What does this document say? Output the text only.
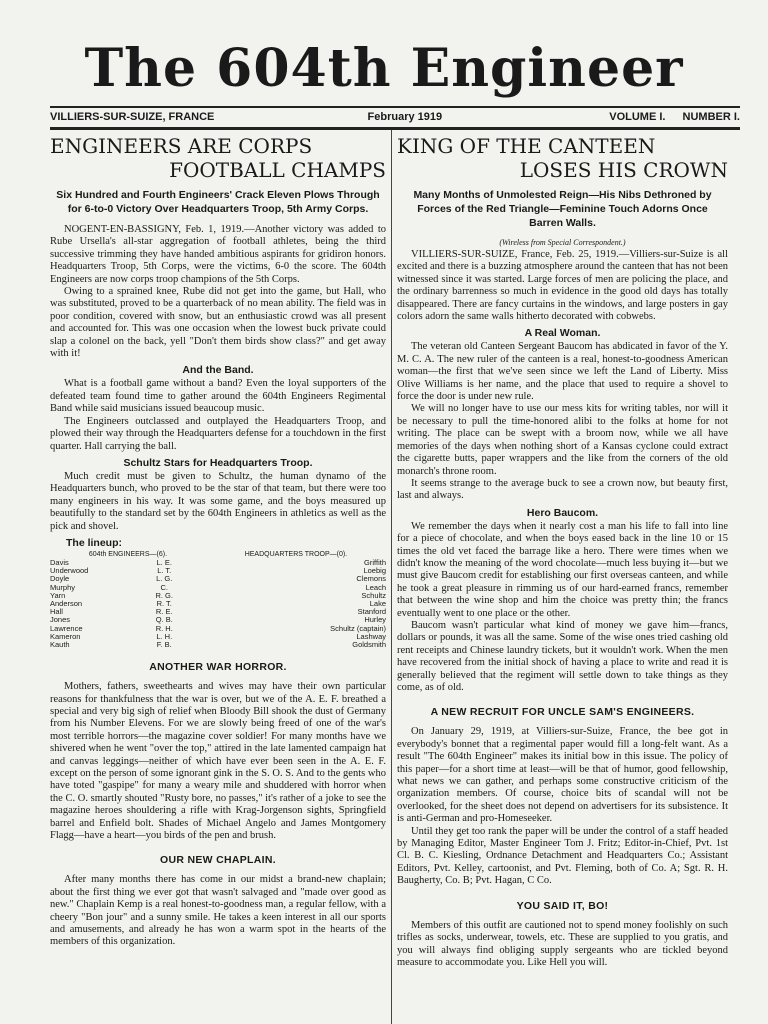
The 604th Engineer
VILLIERS-SUR-SUIZE, FRANCE	February 1919	VOLUME I. NUMBER I.
ENGINEERS ARE CORPS
FOOTBALL CHAMPS
Six Hundred and Fourth Engineers' Crack Eleven Plows Through for 6-to-0 Victory Over Headquarters Troop, 5th Army Corps.

NOGENT-EN-BASSIGNY, Feb. 1, 1919.—Another victory was added to Rube Ursella's all-star aggregation of football athletes, being the third successive trimming they have handed ambitious aspirants for gridiron honors. Headquarters Troop, 5th Corps, were the victims, 6-0 the score. The 604th Engineers are now corps troop champions of the 5th Corps.

Owing to a sprained knee, Rube did not get into the game, but Hall, who was substituted, proved to be a quarterback of no mean ability. The field was in poor condition, covered with snow, but an enthusiastic crowd was all present and accounted for. This was one occasion when the lowest buck private could slap a colonel on the back, yell "Don't them birds show class?" and get away with it!

And the Band.

What is a football game without a band? Even the loyal supporters of the defeated team found time to gather around the 604th Engineers Regimental Band while said musicians issued beaucoup music.

The Engineers outclassed and outplayed the Headquarters Troop, and plowed their way through the Headquarters defense for a touchdown in the first quarter. Hall carrying the ball.

Schultz Stars for Headquarters Troop.

Much credit must be given to Schultz, the human dynamo of the Headquarters bunch, who proved to be the star of that team, but there were too many engineers in his way. It was some game, and the boys measured up beautifully to the standard set by the 604th Engineers in athletics as well as the pick and shovel.

The lineup:
604th ENGINEERS—(6).	HEADQUARTERS TROOP—(0).
Davis	L. E.	Griffith
Underwood	L. T.	Loebig
Doyle	L. G.	Clemons
Murphy	C.	Leach
Yarn	R. G.	Schultz
Anderson	R. T.	Lake
Hall	R. E.	Stanford
Jones	Q. B.	Hurley
Lawrence	R. H.	Schultz (captain)
Kameron	L. H.	Lashway
Kauth	F. B.	Goldsmith
ANOTHER WAR HORROR.

Mothers, fathers, sweethearts and wives may have their own particular reasons for thankfulness that the war is over, but we of the A. E. F. breathed a special and very big sigh of relief when Bloody Bill shook the dust of Germany from his Number Elevens. For we are slowly being freed of one of the war's most terrible horrors—the magazine cover soldier! For many months have we shivered when he went "over the top," attired in the late lamented campaign hat and canvas leggings—neither of which have ever been seen in the A. E. F. except on the person of some ignorant gink in the S. O. S. And to the gents who have toted "gaspipe" for many a weary mile and shuddered with horror when the C. O. smartly shouted "Rusty bore, no passes," it's rather of a joke to see the magazine heroes shouldering a rifle with Krag-Jorgenson sights, Springfield barrel and Enfield bolt. Shades of Michael Angelo and James Montgomery Flagg—have a heart—you birds of the pen and brush.

OUR NEW CHAPLAIN.

After many months there has come in our midst a brand-new chaplain; about the first thing we ever got that wasn't salvaged and "made over good as new." Chaplain Kemp is a real honest-to-goodness man, a regular fellow, with a cheery "Bon jour" and a sunny smile. He takes a keen interest in all our sports and amusements, and already he has won a warm spot in the hearts of the members of this organization.

KING OF THE CANTEEN
LOSES HIS CROWN
Many Months of Unmolested Reign—His Nibs Dethroned by Forces of the Red Triangle—Feminine Touch Adorns Once Barren Walls.
(Wireless from Special Correspondent.)

VILLIERS-SUR-SUIZE, France, Feb. 25, 1919.—Villiers-sur-Suize is all excited and there is a buzzing atmosphere around the canteen that has not been witnessed since it was started. Large forces of men are policing the place, and the ordinary barrenness so much in evidence in the good old days has totally disappeared. There are fancy curtains in the windows, and large posters in gay colors adorn the same walls hitherto decorated with cobwebs.

A Real Woman.

The veteran old Canteen Sergeant Baucom has abdicated in favor of the Y. M. C. A. The new ruler of the canteen is a real, honest-to-goodness American woman—the first that we've seen since we left the Land of Liberty. Miss Olive Williams is her name, and the place that used to require a shovel to force the door is under new rule.

We will no longer have to use our mess kits for writing tables, nor will it be necessary to pull the time-honored alibi to the folks at home for not writing. The place can be swept with a broom now, while we all have memories of the days when nothing short of a Kansas cyclone could extract the cigarette butts, paper wrappers and the like from the corners of the old monarch's throne room.

It seems strange to the average buck to see a crown now, but beauty first, last and always.

Hero Baucom.

We remember the days when it nearly cost a man his life to fall into line for a piece of chocolate, and when the boys eased back in the line 10 or 15 times the old vet faced the barrage like a hero. There were times when we didn't know the meaning of the word chocolate—much less buying it—but we must give Baucom credit for establishing our first overseas canteen, and while he took a great pleasure in rimming us of our hard-earned francs, remember that between the wine shop and him the choice was pretty thin; the francs eventually went to one place or the other.

Baucom wasn't particular what kind of money we gave him—francs, dollars or pounds, it was all the same. Some of the wise ones tried cashing old rent receipts and Chinese laundry tickets, but it wouldn't work. When the men have recovered from the initial shock of having a place to write and read it is generally believed that the regiment will settle down to take things as they come, as of old.

A NEW RECRUIT FOR UNCLE SAM'S ENGINEERS.

On January 29, 1919, at Villiers-sur-Suize, France, the bee got in everybody's bonnet that a regimental paper would fill a long-felt want. As a result "The 604th Engineer" makes its initial bow in this issue. The policy of this paper—for a short time at least—will be that of humor, good fellowship, what news we can gather, and perhaps some constructive criticism of the organization members. Of course, choice bits of scandal will not be overlooked, for the sheet does not depend on advertisers for its subsistence. It is anti-German and pro-Homeseeker.

Until they get too rank the paper will be under the control of a staff headed by Managing Editor, Master Engineer Tom J. Fritz; Editor-in-Chief, Pvt. 1st Cl. B. C. Kiesling, Ordnance Detachment and Headquarters Co.; Assistant Editors, Pvt. Kelley, cartoonist, and Pvt. Fleming, both of Co. A; Sgt. R. H. Baugherty, Co. B; Pvt. Hagan, C Co.

YOU SAID IT, BO!

Members of this outfit are cautioned not to spend money foolishly on such trifles as socks, underwear, towels, etc. These are supplied to you gratis, and you will always find obliging supply sergeants who are tickled beyond measure to accommodate you. Like Hell you will.
